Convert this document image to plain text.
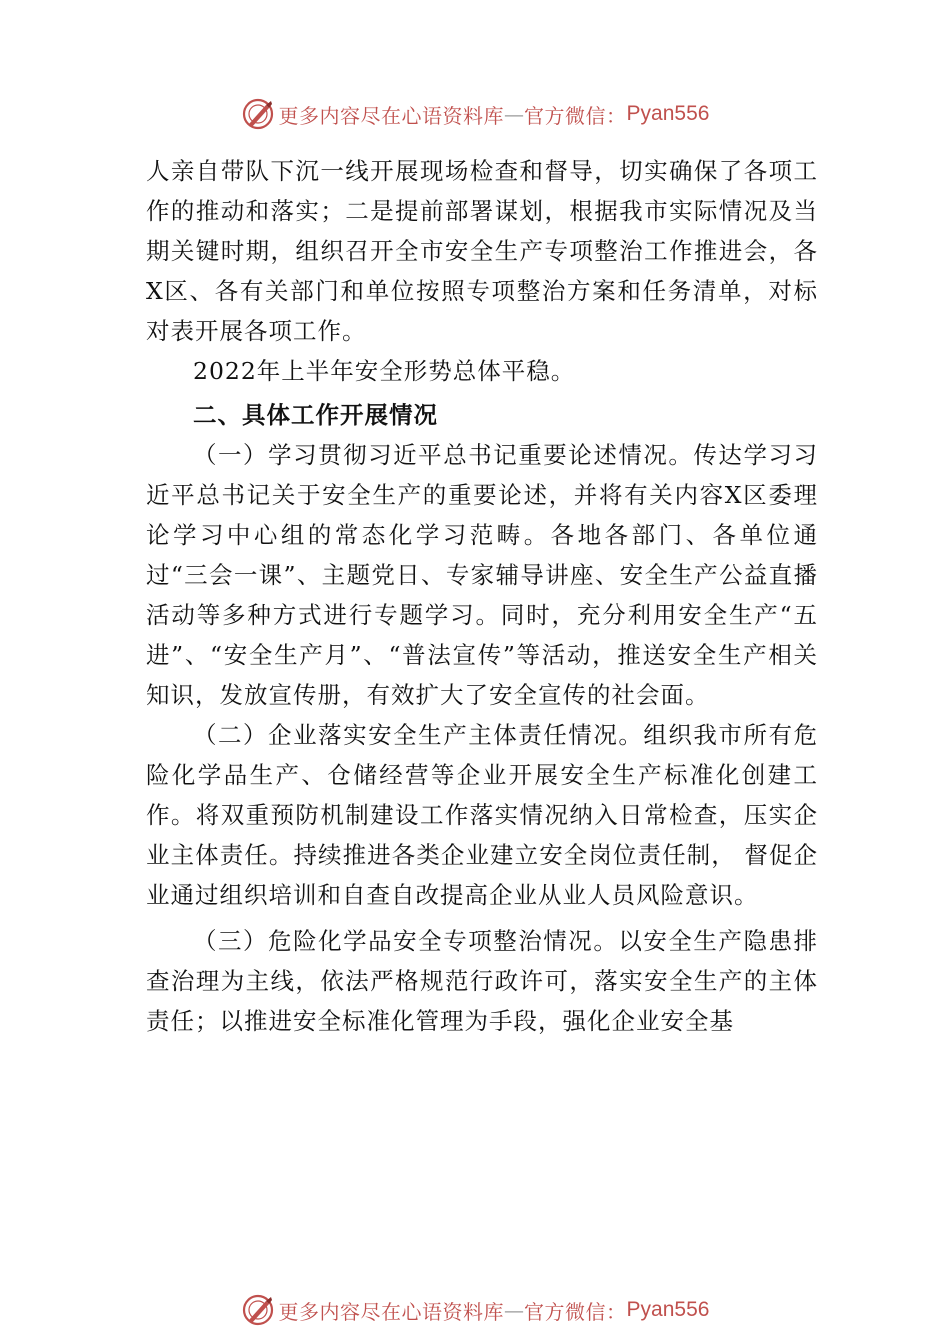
更多内容尽在心语资料库 — 官方微信： Pyan556

人亲自带队下沉一线开展现场检查和督导，切实确保了各项工作的推动和落实；二是提前部署谋划，根据我市实际情况及当期关键时期，组织召开全市安全生产专项整治工作推进会，各X区、各有关部门和单位按照专项整治方案和任务清单，对标对表开展各项工作。

2022年上半年安全形势总体平稳。

二、具体工作开展情况

（一）学习贯彻习近平总书记重要论述情况。传达学习习近平总书记关于安全生产的重要论述，并将有关内容X区委理论学习中心组的常态化学习范畴。各地各部门、各单位通过“三会一课”、主题党日、专家辅导讲座、安全生产公益直播活动等多种方式进行专题学习。同时，充分利用安全生产“五进”、“安全生产月”、“普法宣传”等活动，推送安全生产相关知识，发放宣传册，有效扩大了安全宣传的社会面。

（二）企业落实安全生产主体责任情况。组织我市所有危险化学品生产、仓储经营等企业开展安全生产标准化创建工作。将双重预防机制建设工作落实情况纳入日常检查，压实企业主体责任。持续推进各类企业建立安全岗位责任制， 督促企业通过组织培训和自查自改提高企业从业人员风险意识。

（三）危险化学品安全专项整治情况。以安全生产隐患排查治理为主线，依法严格规范行政许可，落实安全生产的主体责任；以推进安全标准化管理为手段，强化企业安全基

更多内容尽在心语资料库 — 官方微信： Pyan556
